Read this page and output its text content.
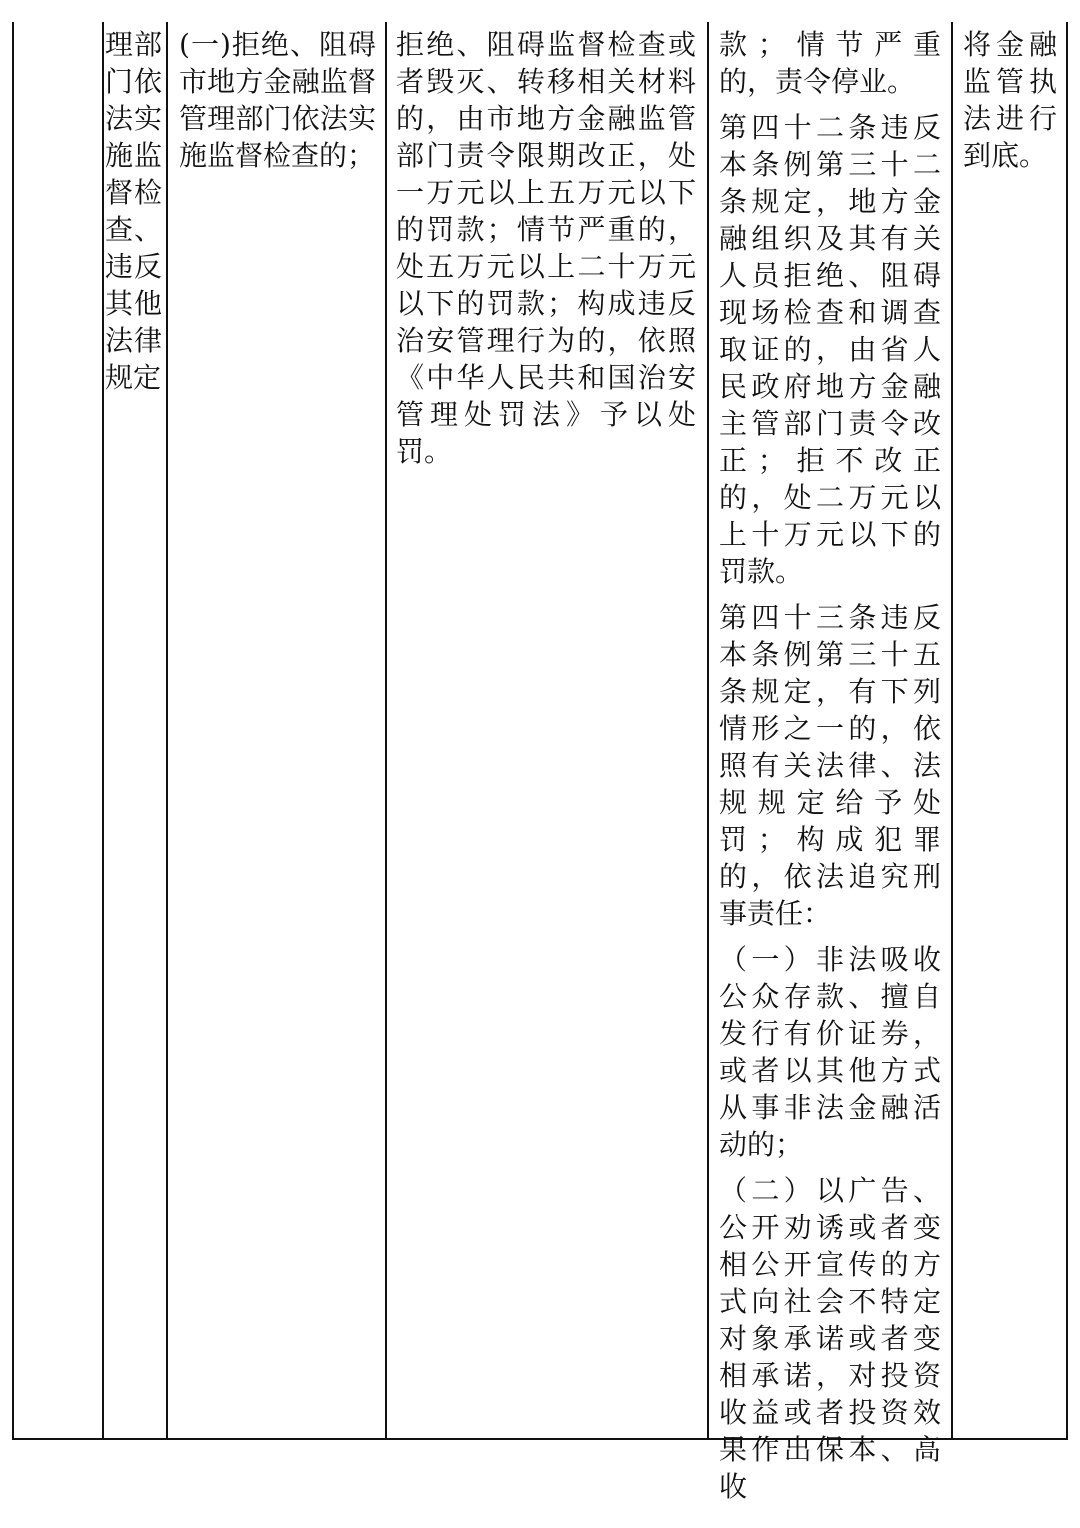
理部门依法实施监督检查、违反其他法律规定
(一)拒绝、阻碍市地方金融监督管理部门依法实施监督检查的；
拒绝、阻碍监督检查或者毁灭、转移相关材料的，由市地方金融监管部门责令限期改正，处一万元以上五万元以下的罚款；情节严重的，处五万元以上二十万元以下的罚款；构成违反治安管理行为的，依照《中华人民共和国治安管理处罚法》予以处罚。

款；情节严重的，责令停业。

第四十二条违反本条例第三十二条规定，地方金融组织及其有关人员拒绝、阻碍现场检查和调查取证的，由省人民政府地方金融主管部门责令改正；拒不改正的，处二万元以上十万元以下的罚款。

第四十三条违反本条例第三十五条规定，有下列情形之一的，依照有关法律、法规规定给予处罚；构成犯罪的，依法追究刑事责任：

（一）非法吸收公众存款、擅自发行有价证券，或者以其他方式从事非法金融活动的；

（二）以广告、公开劝诱或者变相公开宣传的方式向社会不特定对象承诺或者变相承诺，对投资收益或者投资效果作出保本、高收

将金融监管执法进行到底。
